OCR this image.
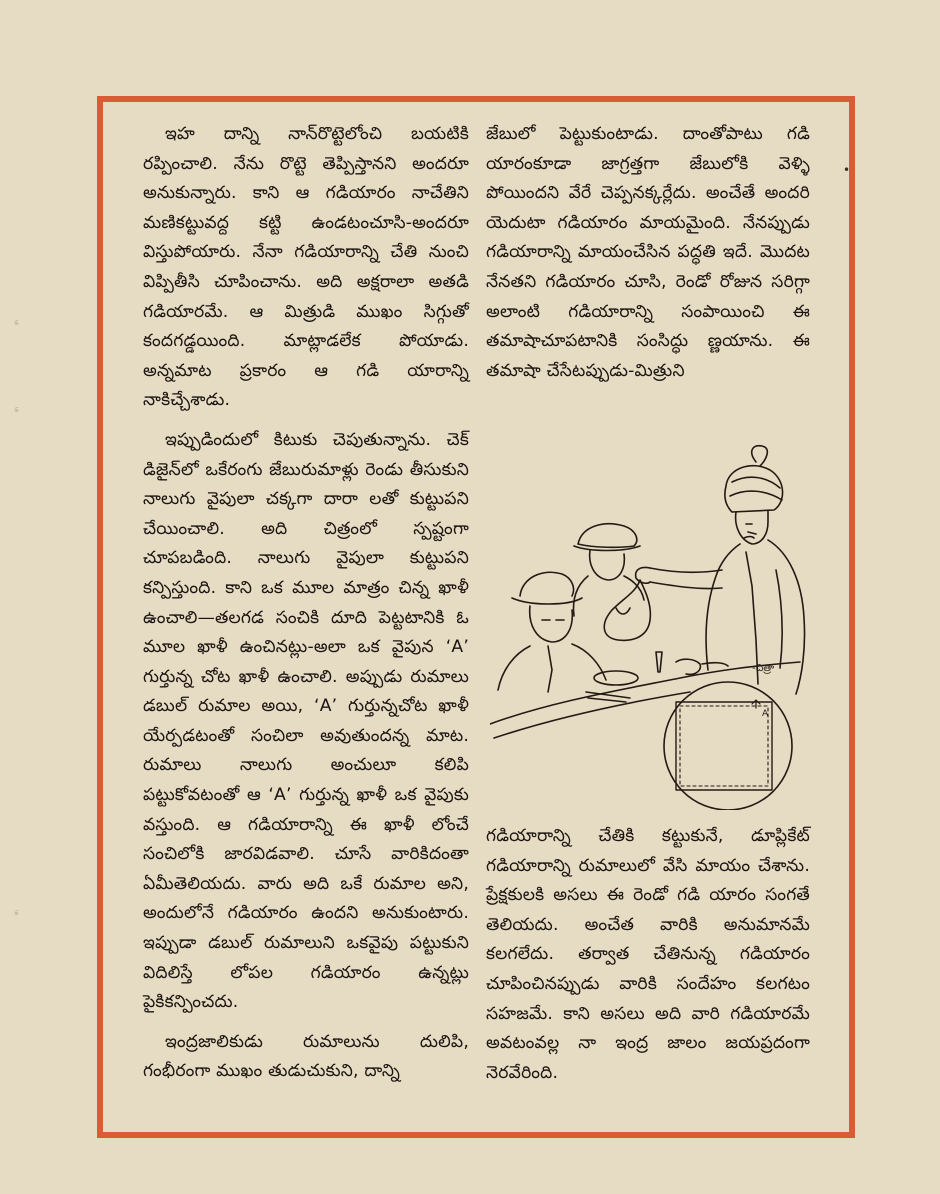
ಽ
ಽ
ಽ
•

ఇహ దాన్ని నాన్‌రొట్టెలోంచి బయటికి రప్పించాలి. నేను రొట్టె తెప్పిస్తానని అందరూ అనుకున్నారు. కాని ఆ గడియారం నాచేతిని మణికట్టువద్ద కట్టి ఉండటంచూసి-అందరూ విస్తుపోయారు. నేనా గడియారాన్ని చేతి నుంచి విప్పితీసి చూపించాను. అది అక్షరాలా అతడి గడియారమే. ఆ మిత్రుడి ముఖం సిగ్గుతో కందగడ్డయింది. మాట్లాడలేక పోయాడు. అన్నమాట ప్రకారం ఆ గడి యారాన్ని నాకిచ్చేశాడు.

ఇప్పుడిందులో కిటుకు చెపుతున్నాను. చెక్ డిజైన్‌లో ఒకేరంగు జేబురుమాళ్లు రెండు తీసుకుని నాలుగు వైపులా చక్కగా దారా లతో కుట్టుపని చేయించాలి. అది చిత్రంలో స్పష్టంగా చూపబడింది. నాలుగు వైపులా కుట్టుపని కన్పిస్తుంది. కాని ఒక మూల మాత్రం చిన్న ఖాళీ ఉంచాలి—తలగడ సంచికి దూది పెట్టటానికి ఓ మూల ఖాళీ ఉంచినట్లు-అలా ఒక వైపున ‘A’ గుర్తున్న చోట ఖాళీ ఉంచాలి. అప్పుడు రుమాలు డబుల్ రుమాల అయి, ‘A’ గుర్తున్నచోట ఖాళీ యేర్పడటంతో సంచిలా అవుతుందన్న మాట. రుమాలు నాలుగు అంచులూ కలిపి పట్టుకోవటంతో ఆ ‘A’ గుర్తున్న ఖాళీ ఒక వైపుకు వస్తుంది. ఆ గడియారాన్ని ఈ ఖాళీ లోంచే సంచిలోకి జారవిడవాలి. చూసే వారికిదంతా ఏమీతెలియదు. వారు అది ఒకే రుమాల అని, అందులోనే గడియారం ఉందని అనుకుంటారు. ఇప్పుడా డబుల్ రుమాలుని ఒకవైపు పట్టుకుని విదిలిస్తే లోపల గడియారం ఉన్నట్లు పైకికన్పించదు.

ఇంద్రజాలికుడు రుమాలును దులిపి, గంభీరంగా ముఖం తుడుచుకుని, దాన్ని

జేబులో పెట్టుకుంటాడు. దాంతోపాటు గడి యారంకూడా జాగ్రత్తగా జేబులోకి వెళ్ళి పోయిందని వేరే చెప్పనక్కర్లేదు. అంచేతే అందరి యెదుటా గడియారం మాయమైంది. నేనప్పుడు గడియారాన్ని మాయంచేసిన పద్ధతి ఇదే. మొదట నేనతని గడియారం చూసి, రెండో రోజున సరిగ్గా అలాంటి గడియారాన్ని సంపాయించి ఈ తమాషాచూపటానికి సంసిద్ధు ణ్ణయాను. ఈ తమాషా చేసేటప్పుడు-మిత్రుని

A
-చిత్రా

గడియారాన్ని చేతికి కట్టుకునే, డూప్లికేట్ గడియారాన్ని రుమాలులో వేసి మాయం చేశాను. ప్రేక్షకులకి అసలు ఈ రెండో గడి యారం సంగతే తెలియదు. అంచేత వారికి అనుమానమే కలగలేదు. తర్వాత చేతినున్న గడియారం చూపించినప్పుడు వారికి సందేహం కలగటం సహజమే. కాని అసలు అది వారి గడియారమే అవటంవల్ల నా ఇంద్ర జాలం జయప్రదంగా నెరవేరింది.
